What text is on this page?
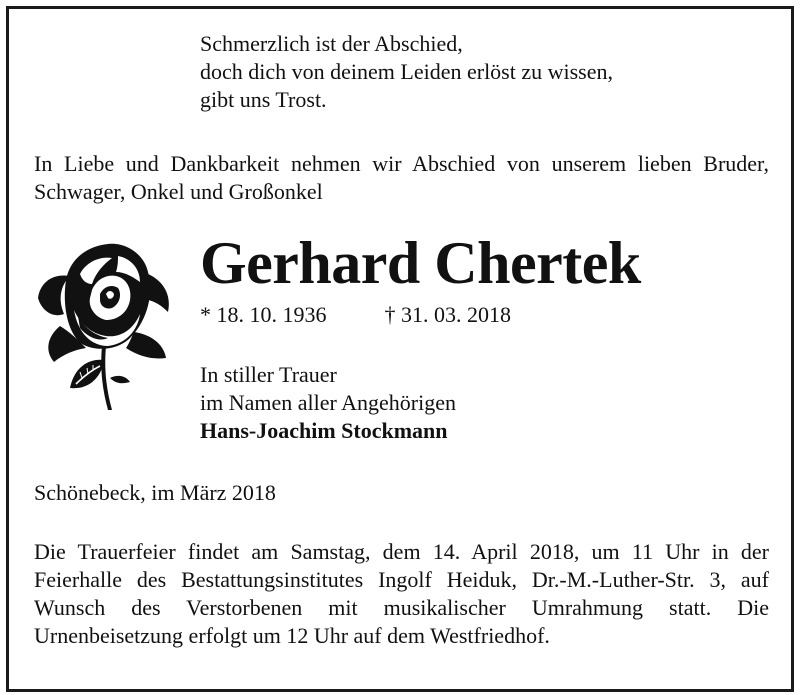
Schmerzlich ist der Abschied,
doch dich von deinem Leiden erlöst zu wissen,
gibt uns Trost.

In Liebe und Dankbarkeit nehmen wir Abschied von unserem lieben Bruder, Schwager, Onkel und Großonkel

Gerhard Chertek
* 18. 10. 1936	† 31. 03. 2018
In stiller Trauer
im Namen aller Angehörigen
Hans-Joachim Stockmann

Schönebeck, im März 2018

Die Trauerfeier findet am Samstag, dem 14. April 2018, um 11 Uhr in der Feierhalle des Bestattungsinstitutes Ingolf Heiduk, Dr.-M.-Luther-Str. 3, auf Wunsch des Verstorbenen mit musikalischer Umrahmung statt. Die Urnenbeisetzung erfolgt um 12 Uhr auf dem Westfriedhof.
